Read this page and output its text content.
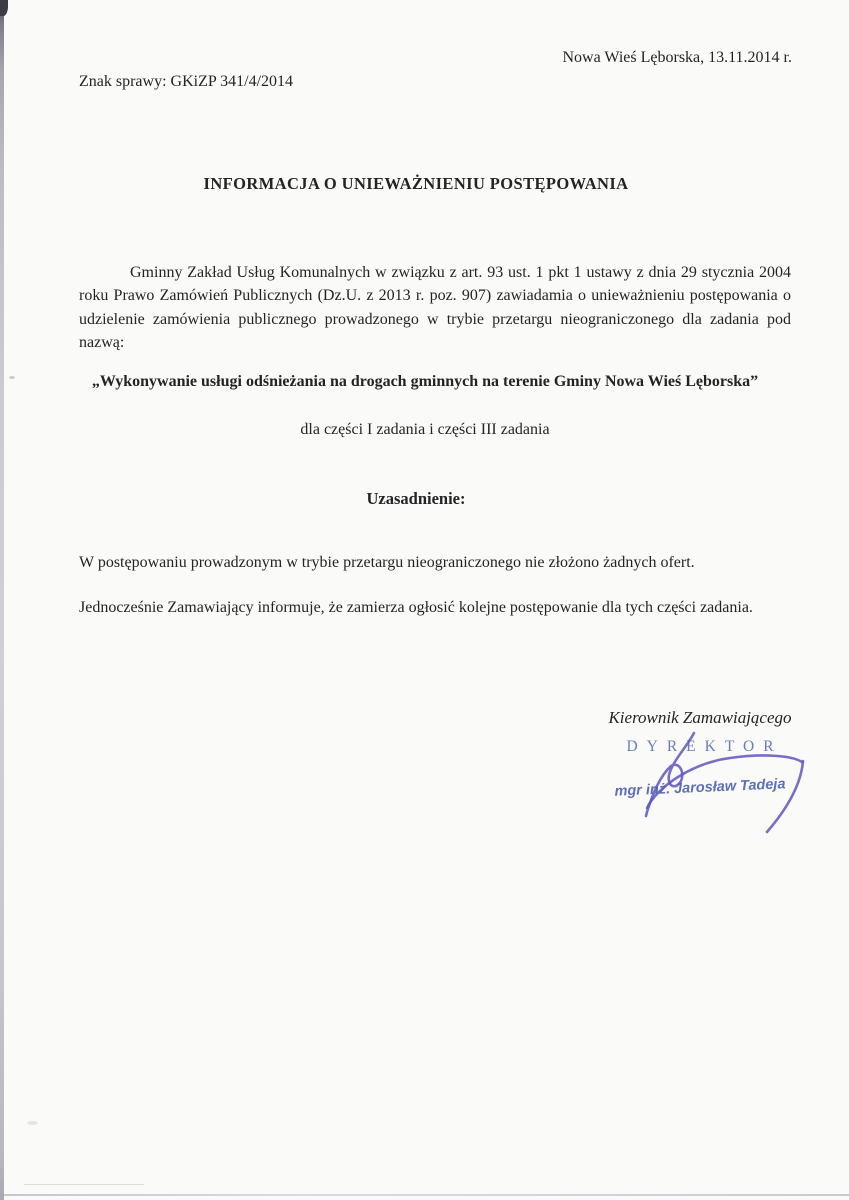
Nowa Wieś Lęborska, 13.11.2014 r.
Znak sprawy: GKiZP 341/4/2014
INFORMACJA O UNIEWAŻNIENIU POSTĘPOWANIA
Gminny Zakład Usług Komunalnych w związku z art. 93 ust. 1 pkt 1 ustawy z dnia 29 stycznia 2004 roku Prawo Zamówień Publicznych (Dz.U. z 2013 r. poz. 907) zawiadamia o unieważnieniu postępowania o udzielenie zamówienia publicznego prowadzonego w trybie przetargu nieograniczonego dla zadania pod nazwą:
„Wykonywanie usługi odśnieżania na drogach gminnych na terenie Gminy Nowa Wieś Lęborska”
dla części I zadania i części III zadania
Uzasadnienie:
W postępowaniu prowadzonym w trybie przetargu nieograniczonego nie złożono żadnych ofert.
Jednocześnie Zamawiający informuje, że zamierza ogłosić kolejne postępowanie dla tych części zadania.
Kierownik Zamawiającego
DYREKTOR
mgr inż. Jarosław Tadeja
